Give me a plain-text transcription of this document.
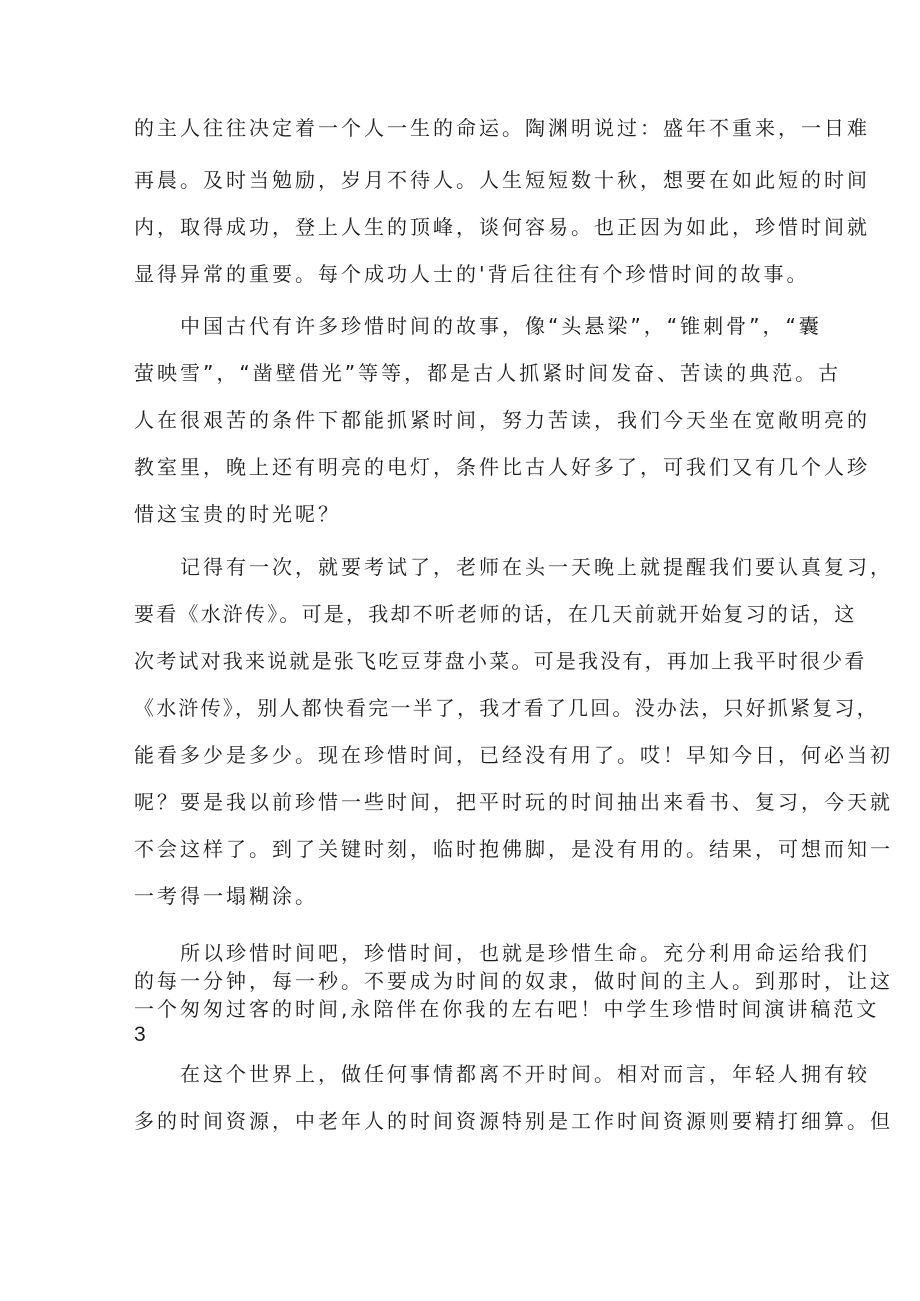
的主人往往决定着一个人一生的命运。陶渊明说过：盛年不重来，一日难
再晨。及时当勉励，岁月不待人。人生短短数十秋，想要在如此短的时间
内，取得成功，登上人生的顶峰，谈何容易。也正因为如此，珍惜时间就
显得异常的重要。每个成功人士的'背后往往有个珍惜时间的故事。
中国古代有许多珍惜时间的故事，像“头悬梁”，“锥刺骨”，“囊
萤映雪”，“凿壁借光”等等，都是古人抓紧时间发奋、苦读的典范。古
人在很艰苦的条件下都能抓紧时间，努力苦读，我们今天坐在宽敞明亮的
教室里，晚上还有明亮的电灯，条件比古人好多了，可我们又有几个人珍
惜这宝贵的时光呢？
记得有一次，就要考试了，老师在头一天晚上就提醒我们要认真复习，
要看《水浒传》。可是，我却不听老师的话，在几天前就开始复习的话，这
次考试对我来说就是张飞吃豆芽盘小菜。可是我没有，再加上我平时很少看
《水浒传》，别人都快看完一半了，我才看了几回。没办法，只好抓紧复习，
能看多少是多少。现在珍惜时间，已经没有用了。哎！早知今日，何必当初
呢？要是我以前珍惜一些时间，把平时玩的时间抽出来看书、复习，今天就
不会这样了。到了关键时刻，临时抱佛脚，是没有用的。结果，可想而知一
一考得一塌糊涂。
所以珍惜时间吧，珍惜时间，也就是珍惜生命。充分利用命运给我们
的每一分钟，每一秒。不要成为时间的奴隶，做时间的主人。到那时，让这
一个匆匆过客的时间,永陪伴在你我的左右吧！中学生珍惜时间演讲稿范文
3
在这个世界上，做任何事情都离不开时间。相对而言，年轻人拥有较
多的时间资源，中老年人的时间资源特别是工作时间资源则要精打细算。但
